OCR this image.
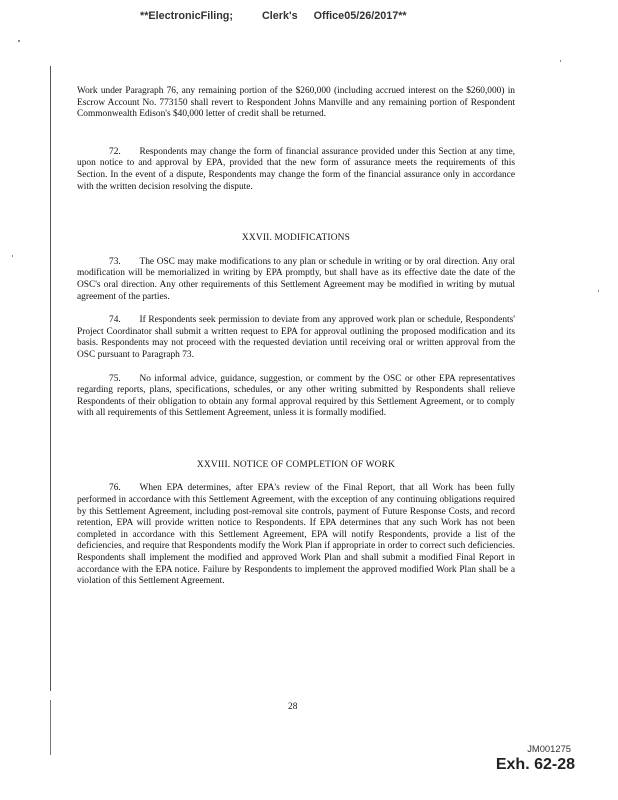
**ElectronicFiling;	Clerk's Office05/26/2017**

Work under Paragraph 76, any remaining portion of the $260,000 (including accrued interest on the $260,000) in Escrow Account No. 773150 shall revert to Respondent Johns Manville and any remaining portion of Respondent Commonwealth Edison's $40,000 letter of credit shall be returned.

72.  Respondents may change the form of financial assurance provided under this Section at any time, upon notice to and approval by EPA, provided that the new form of assurance meets the requirements of this Section. In the event of a dispute, Respondents may change the form of the financial assurance only in accordance with the written decision resolving the dispute.

XXVII. MODIFICATIONS

73.  The OSC may make modifications to any plan or schedule in writing or by oral direction. Any oral modification will be memorialized in writing by EPA promptly, but shall have as its effective date the date of the OSC's oral direction. Any other requirements of this Settlement Agreement may be modified in writing by mutual agreement of the parties.

74.  If Respondents seek permission to deviate from any approved work plan or schedule, Respondents' Project Coordinator shall submit a written request to EPA for approval outlining the proposed modification and its basis. Respondents may not proceed with the requested deviation until receiving oral or written approval from the OSC pursuant to Paragraph 73.

75.  No informal advice, guidance, suggestion, or comment by the OSC or other EPA representatives regarding reports, plans, specifications, schedules, or any other writing submitted by Respondents shall relieve Respondents of their obligation to obtain any formal approval required by this Settlement Agreement, or to comply with all requirements of this Settlement Agreement, unless it is formally modified.

XXVIII. NOTICE OF COMPLETION OF WORK

76.  When EPA determines, after EPA's review of the Final Report, that all Work has been fully performed in accordance with this Settlement Agreement, with the exception of any continuing obligations required by this Settlement Agreement, including post-removal site controls, payment of Future Response Costs, and record retention, EPA will provide written notice to Respondents. If EPA determines that any such Work has not been completed in accordance with this Settlement Agreement, EPA will notify Respondents, provide a list of the deficiencies, and require that Respondents modify the Work Plan if appropriate in order to correct such deficiencies. Respondents shall implement the modified and approved Work Plan and shall submit a modified Final Report in accordance with the EPA notice. Failure by Respondents to implement the approved modified Work Plan shall be a violation of this Settlement Agreement.

28
JM001275
Exh. 62-28
